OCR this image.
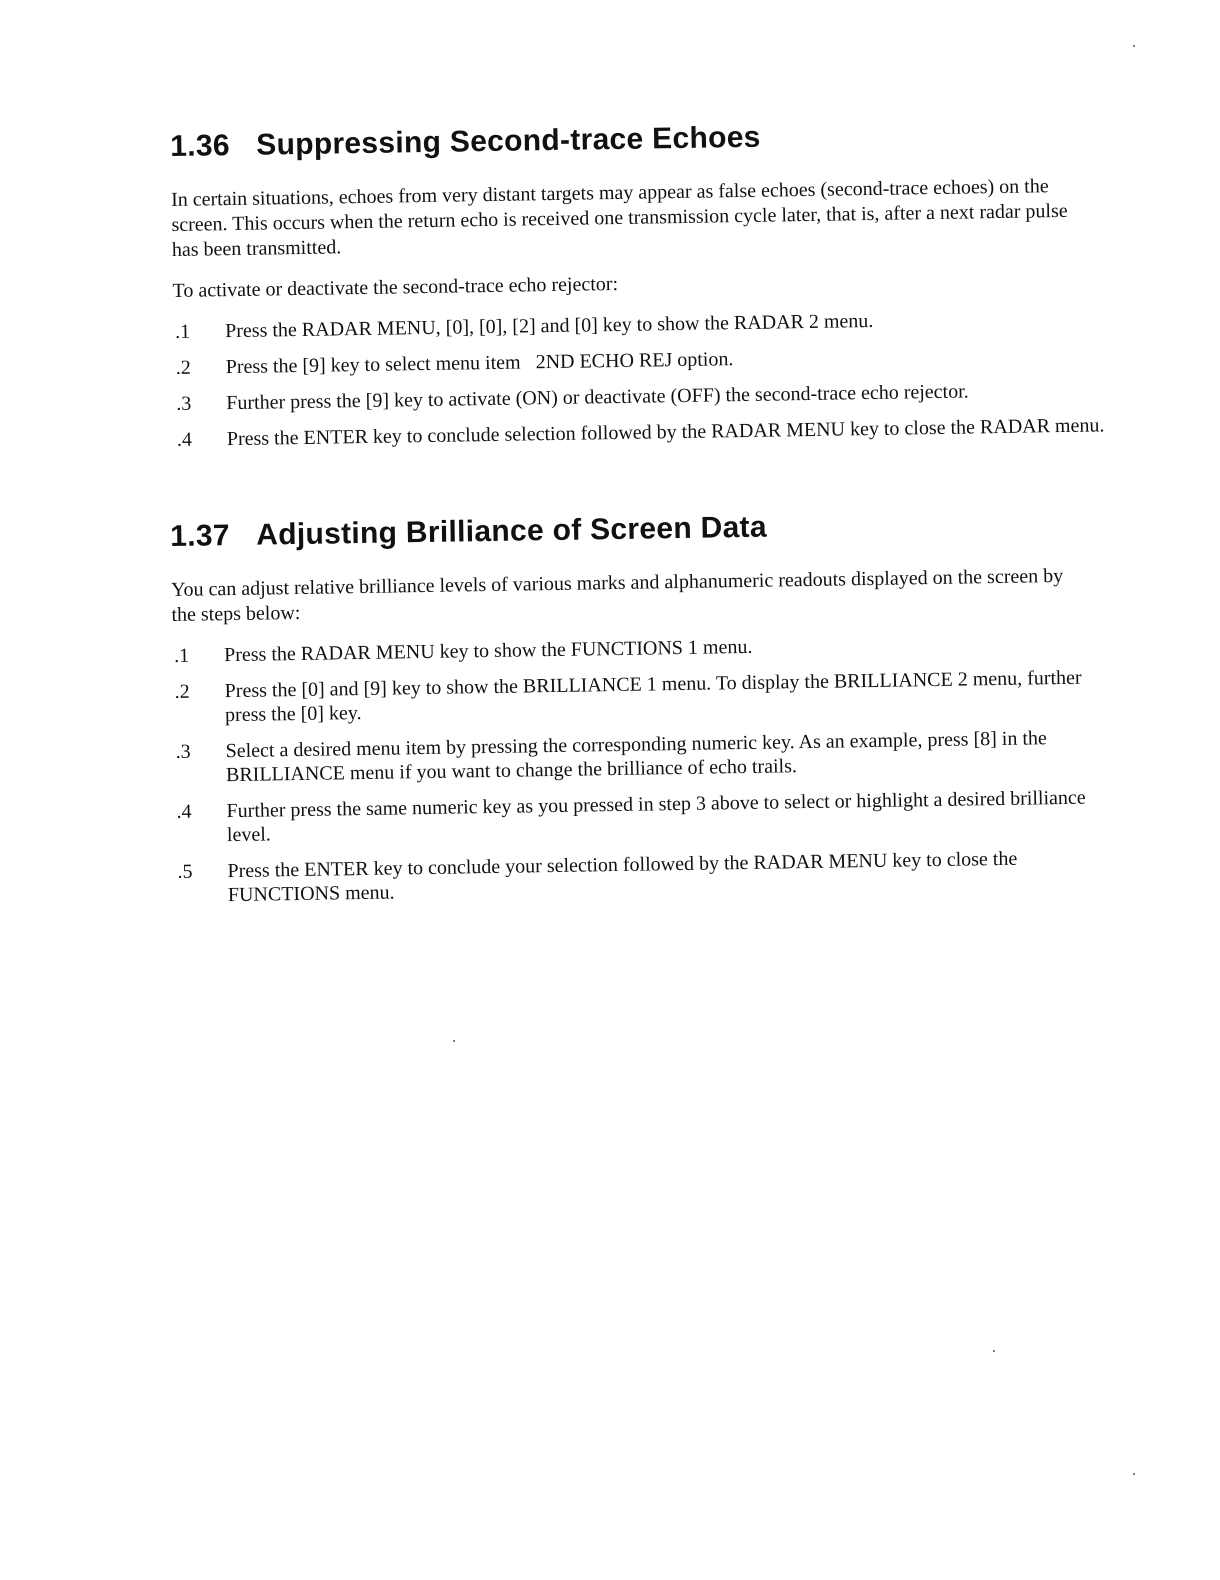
1.36 Suppressing Second-trace Echoes

In certain situations, echoes from very distant targets may appear as false echoes (second-trace echoes) on the screen. This occurs when the return echo is received one transmission cycle later, that is, after a next radar pulse has been transmitted.

To activate or deactivate the second-trace echo rejector:

.1	Press the RADAR MENU, [0], [0], [2] and [0] key to show the RADAR 2 menu.
.2	Press the [9] key to select menu item   2ND ECHO REJ option.
.3	Further press the [9] key to activate (ON) or deactivate (OFF) the second-trace echo rejector.
.4	Press the ENTER key to conclude selection followed by the RADAR MENU key to close the RADAR menu.
1.37 Adjusting Brilliance of Screen Data

You can adjust relative brilliance levels of various marks and alphanumeric readouts displayed on the screen by the steps below:

.1	Press the RADAR MENU key to show the FUNCTIONS 1 menu.
.2	Press the [0] and [9] key to show the BRILLIANCE 1 menu. To display the BRILLIANCE 2 menu, further press the [0] key.
.3	Select a desired menu item by pressing the corresponding numeric key. As an example, press [8] in the BRILLIANCE menu if you want to change the brilliance of echo trails.
.4	Further press the same numeric key as you pressed in step 3 above to select or highlight a desired brilliance level.
.5	Press the ENTER key to conclude your selection followed by the RADAR MENU key to close the FUNCTIONS menu.
